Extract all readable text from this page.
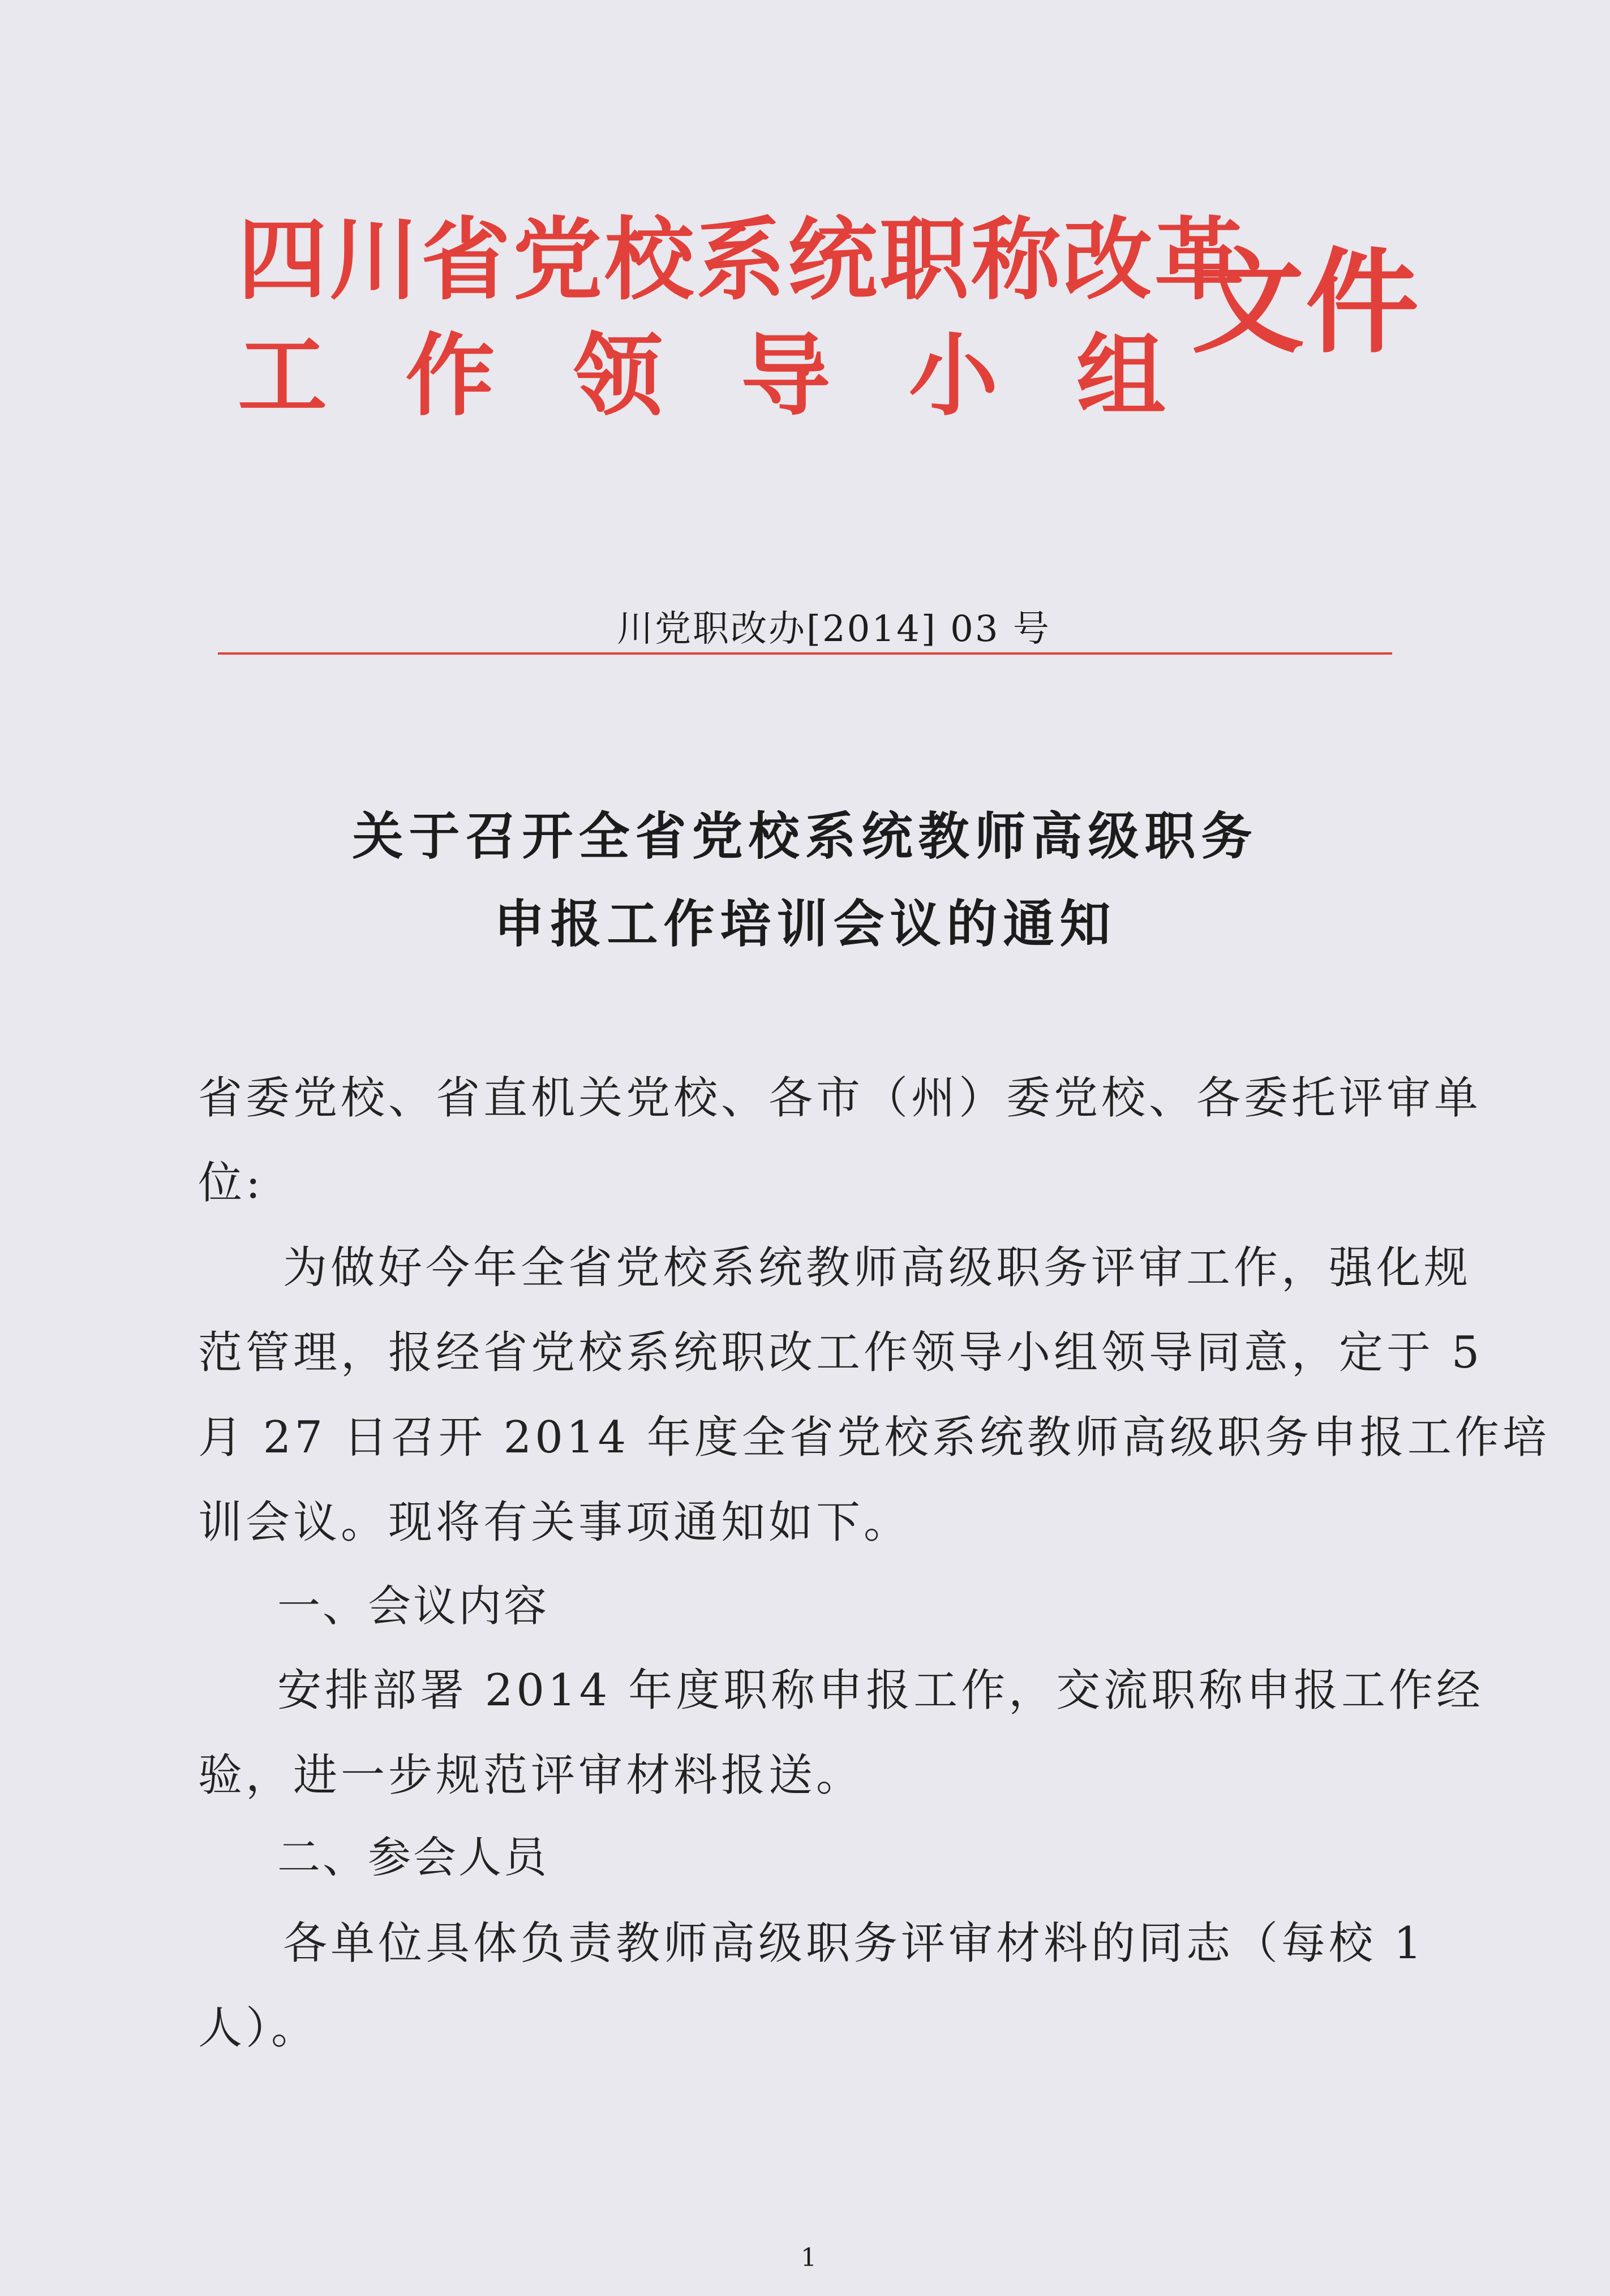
四川省党校系统职称改革
工 作 领 导 小 组
文件
川党职改办[2014] 03 号
关于召开全省党校系统教师高级职务
申报工作培训会议的通知
省委党校、省直机关党校、各市（州）委党校、各委托评审单
位:
为做好今年全省党校系统教师高级职务评审工作，强化规
范管理，报经省党校系统职改工作领导小组领导同意，定于 5
月 27 日召开 2014 年度全省党校系统教师高级职务申报工作培
训会议。现将有关事项通知如下。
一、会议内容
安排部署 2014 年度职称申报工作，交流职称申报工作经
验，进一步规范评审材料报送。
二、参会人员
各单位具体负责教师高级职务评审材料的同志（每校 1
人）。
1
